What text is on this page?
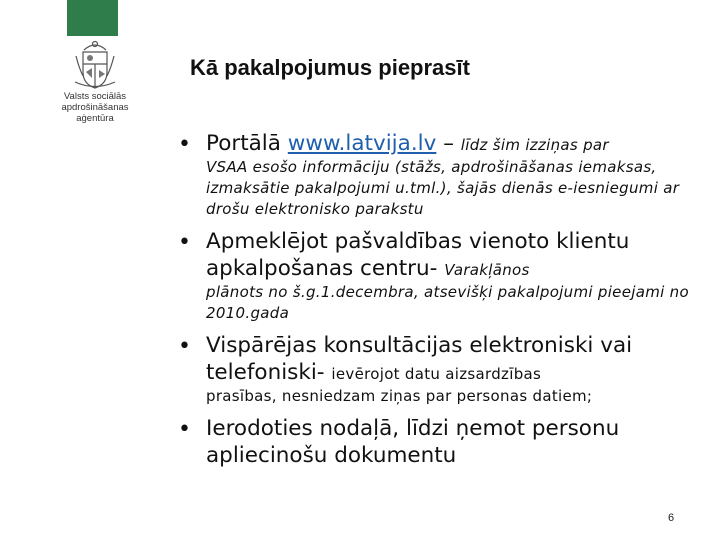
Valsts sociālās
apdrošināšanas
aģentūra
Kā pakalpojumus pieprasīt
• Portālā www.latvija.lv – līdz šim izziņas par
VSAA esošo informāciju (stāžs, apdrošināšanas iemaksas, izmaksātie pakalpojumi u.tml.), šajās dienās e-iesniegumi ar drošu elektronisko parakstu
• Apmeklējot pašvaldības vienoto klientu apkalpošanas centru- Varakļānos
plānots no š.g.1.decembra, atsevišķi pakalpojumi pieejami no 2010.gada
• Vispārējas konsultācijas elektroniski vai telefoniski- ievērojot datu aizsardzības
prasības, nesniedzam ziņas par personas datiem;
• Ierodoties nodaļā, līdzi ņemot personu apliecinošu dokumentu
6
